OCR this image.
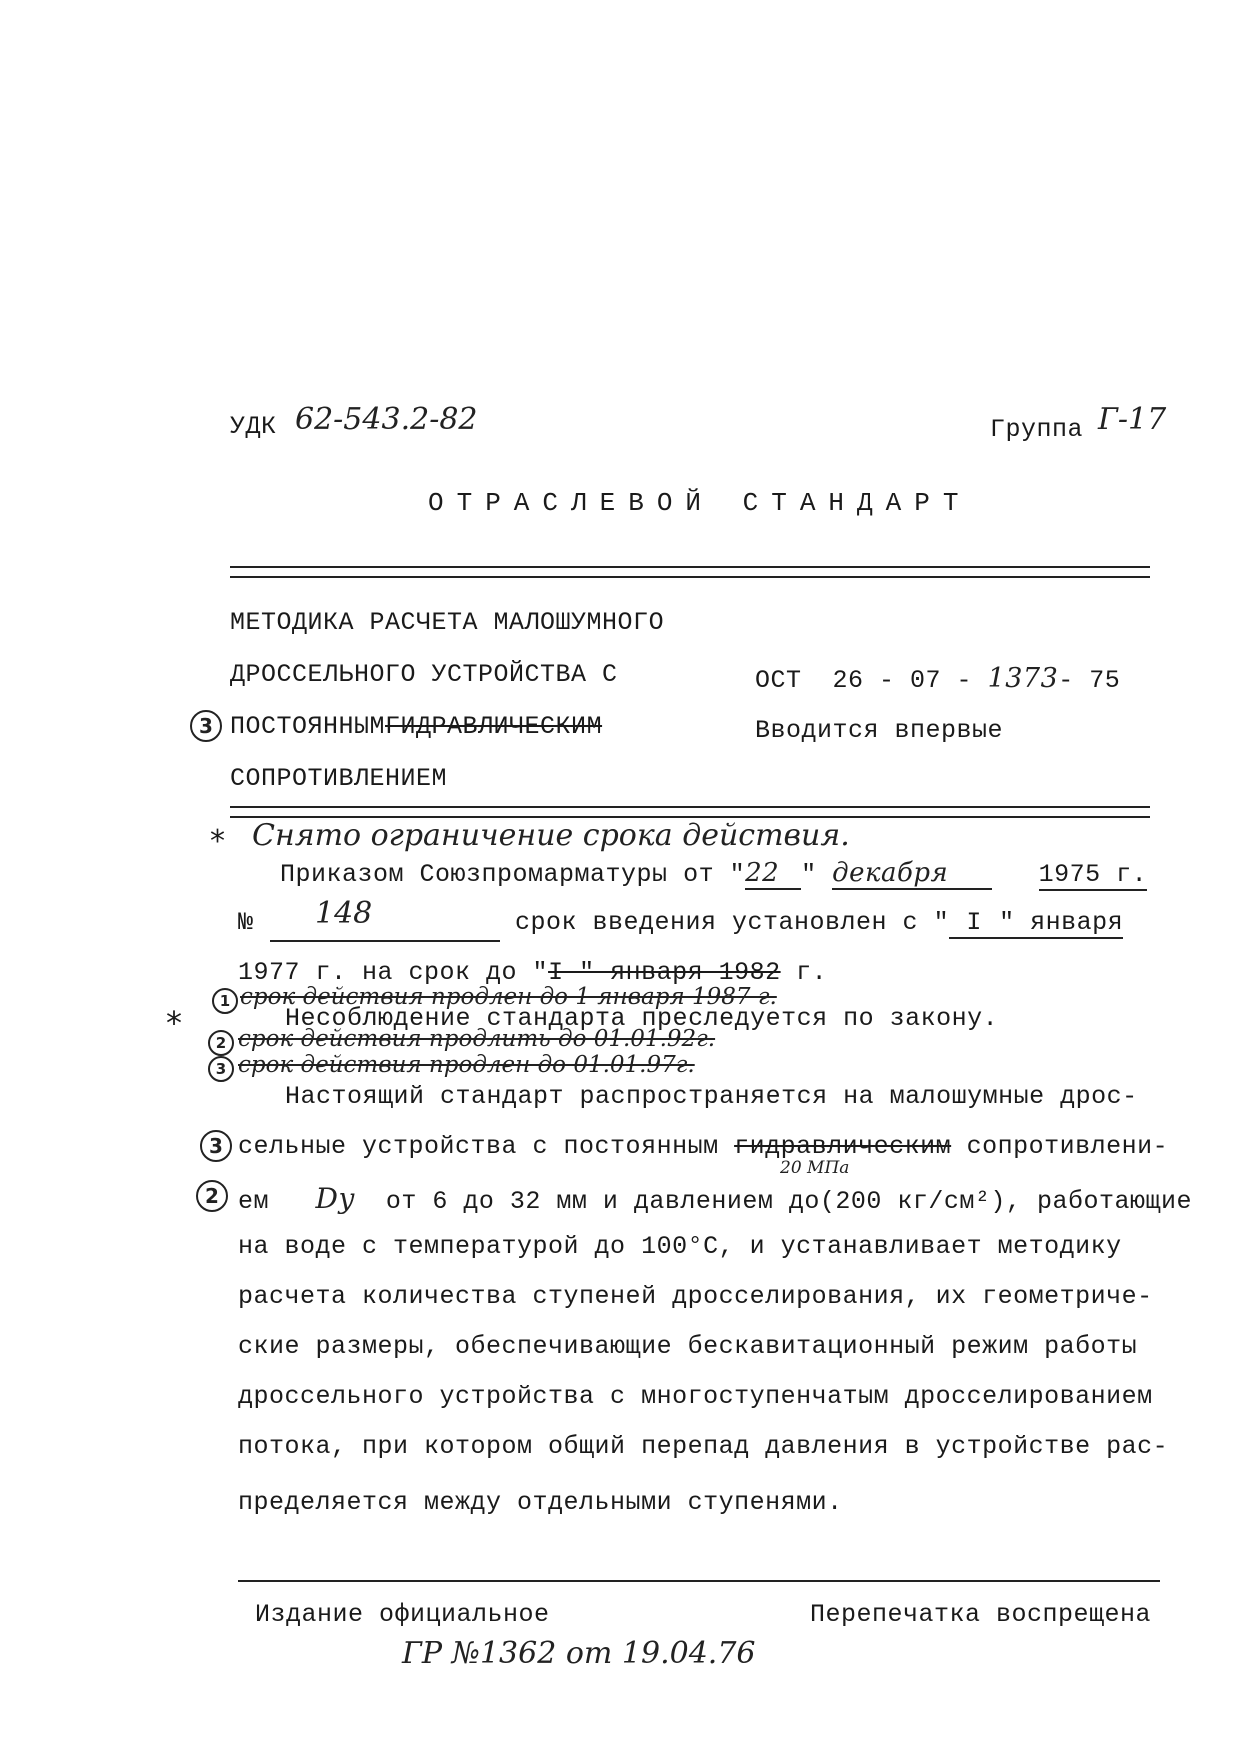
УДК 62-543.2-82	Группа Г-17
ОТРАСЛЕВОЙ СТАНДАРТ
МЕТОДИКА РАСЧЕТА МАЛОШУМНОГО
ДРОССЕЛЬНОГО УСТРОЙСТВА С
3 ПОСТОЯННЫМГИДРАВЛИЧЕСКИМ
СОПРОТИВЛЕНИЕМ
ОСТ 26 - 07 - 1373- 75
Вводится впервые
* Снято ограничение срока действия.
Приказом Союзпромарматуры от "22 " декабря	1975 г.
№ 148	срок введения установлен с " I " января
1977 г. на срок до "I " января 1982 г.
1 срок действия продлен до 1 января 1987 г.
*	Несоблюдение стандарта преследуется по закону.
2 срок действия продлить до 01.01.92г.
3 срок действия продлен до 01.01.97г.
Настоящий стандарт распространяется на малошумные дрос-
3 сельные устройства с постоянным гидравлическим сопротивлени-
20 МПа
2 ем Dy от 6 до 32 мм и давлением до(200 кг/см²), работающие
на воде с температурой до 100°С, и устанавливает методику
расчета количества ступеней дросселирования, их геометриче-
ские размеры, обеспечивающие бескавитационный режим работы
дроссельного устройства с многоступенчатым дросселированием
потока, при котором общий перепад давления в устройстве рас-
пределяется между отдельными ступенями.
Издание официальное	Перепечатка воспрещена
ГР №1362 от 19.04.76
